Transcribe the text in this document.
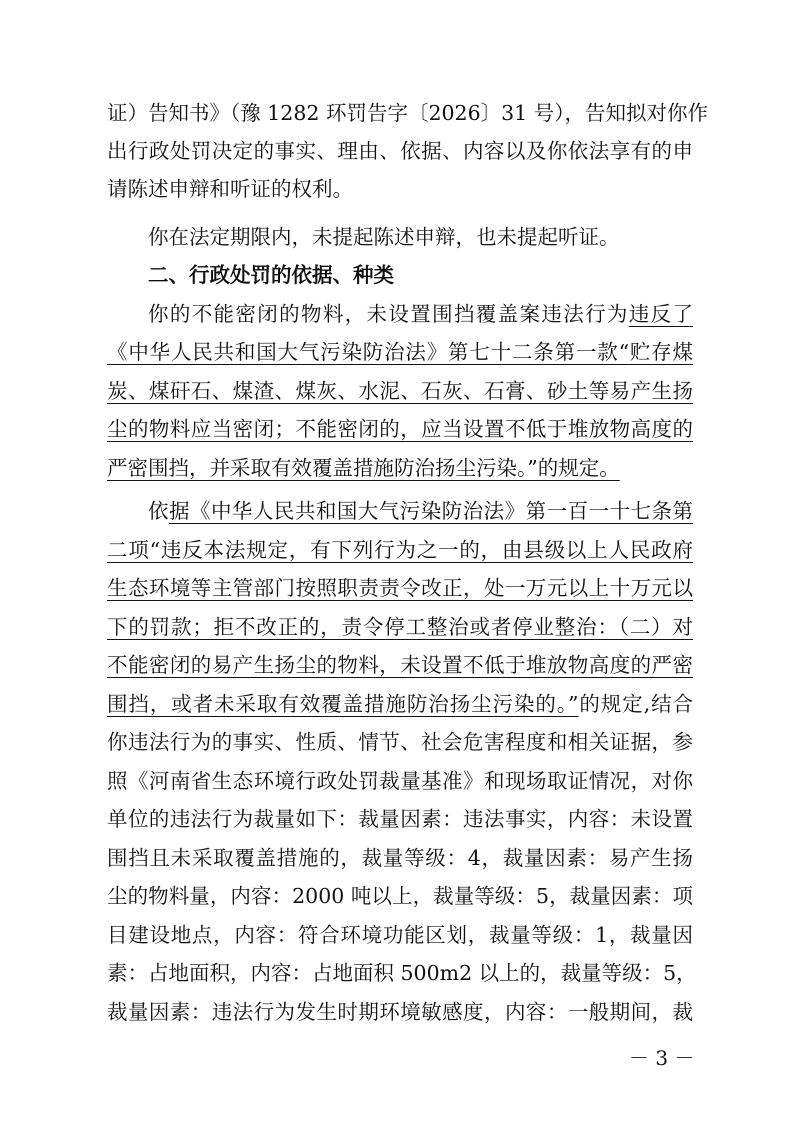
证）告知书》（豫 1282 环罚告字〔2026〕31 号），告知拟对你作
出行政处罚决定的事实、理由、依据、内容以及你依法享有的申
请陈述申辩和听证的权利。
你在法定期限内，未提起陈述申辩，也未提起听证。
二、行政处罚的依据、种类
你的不能密闭的物料，未设置围挡覆盖案违法行为违反了
《中华人民共和国大气污染防治法》第七十二条第一款“贮存煤
炭、煤矸石、煤渣、煤灰、水泥、石灰、石膏、砂土等易产生扬
尘的物料应当密闭；不能密闭的，应当设置不低于堆放物高度的
严密围挡，并采取有效覆盖措施防治扬尘污染。”的规定。
依据《中华人民共和国大气污染防治法》第一百一十七条第
二项“违反本法规定，有下列行为之一的，由县级以上人民政府
生态环境等主管部门按照职责责令改正，处一万元以上十万元以
下的罚款；拒不改正的，责令停工整治或者停业整治：（二）对
不能密闭的易产生扬尘的物料，未设置不低于堆放物高度的严密
围挡，或者未采取有效覆盖措施防治扬尘污染的。”的规定,结合
你违法行为的事实、性质、情节、社会危害程度和相关证据，参
照《河南省生态环境行政处罚裁量基准》和现场取证情况，对你
单位的违法行为裁量如下：裁量因素：违法事实，内容：未设置
围挡且未采取覆盖措施的，裁量等级：4，裁量因素：易产生扬
尘的物料量，内容：2000 吨以上，裁量等级：5，裁量因素：项
目建设地点，内容：符合环境功能区划，裁量等级：1，裁量因
素：占地面积，内容：占地面积 500m2 以上的，裁量等级：5，
裁量因素：违法行为发生时期环境敏感度，内容：一般期间，裁
－ 3 －
